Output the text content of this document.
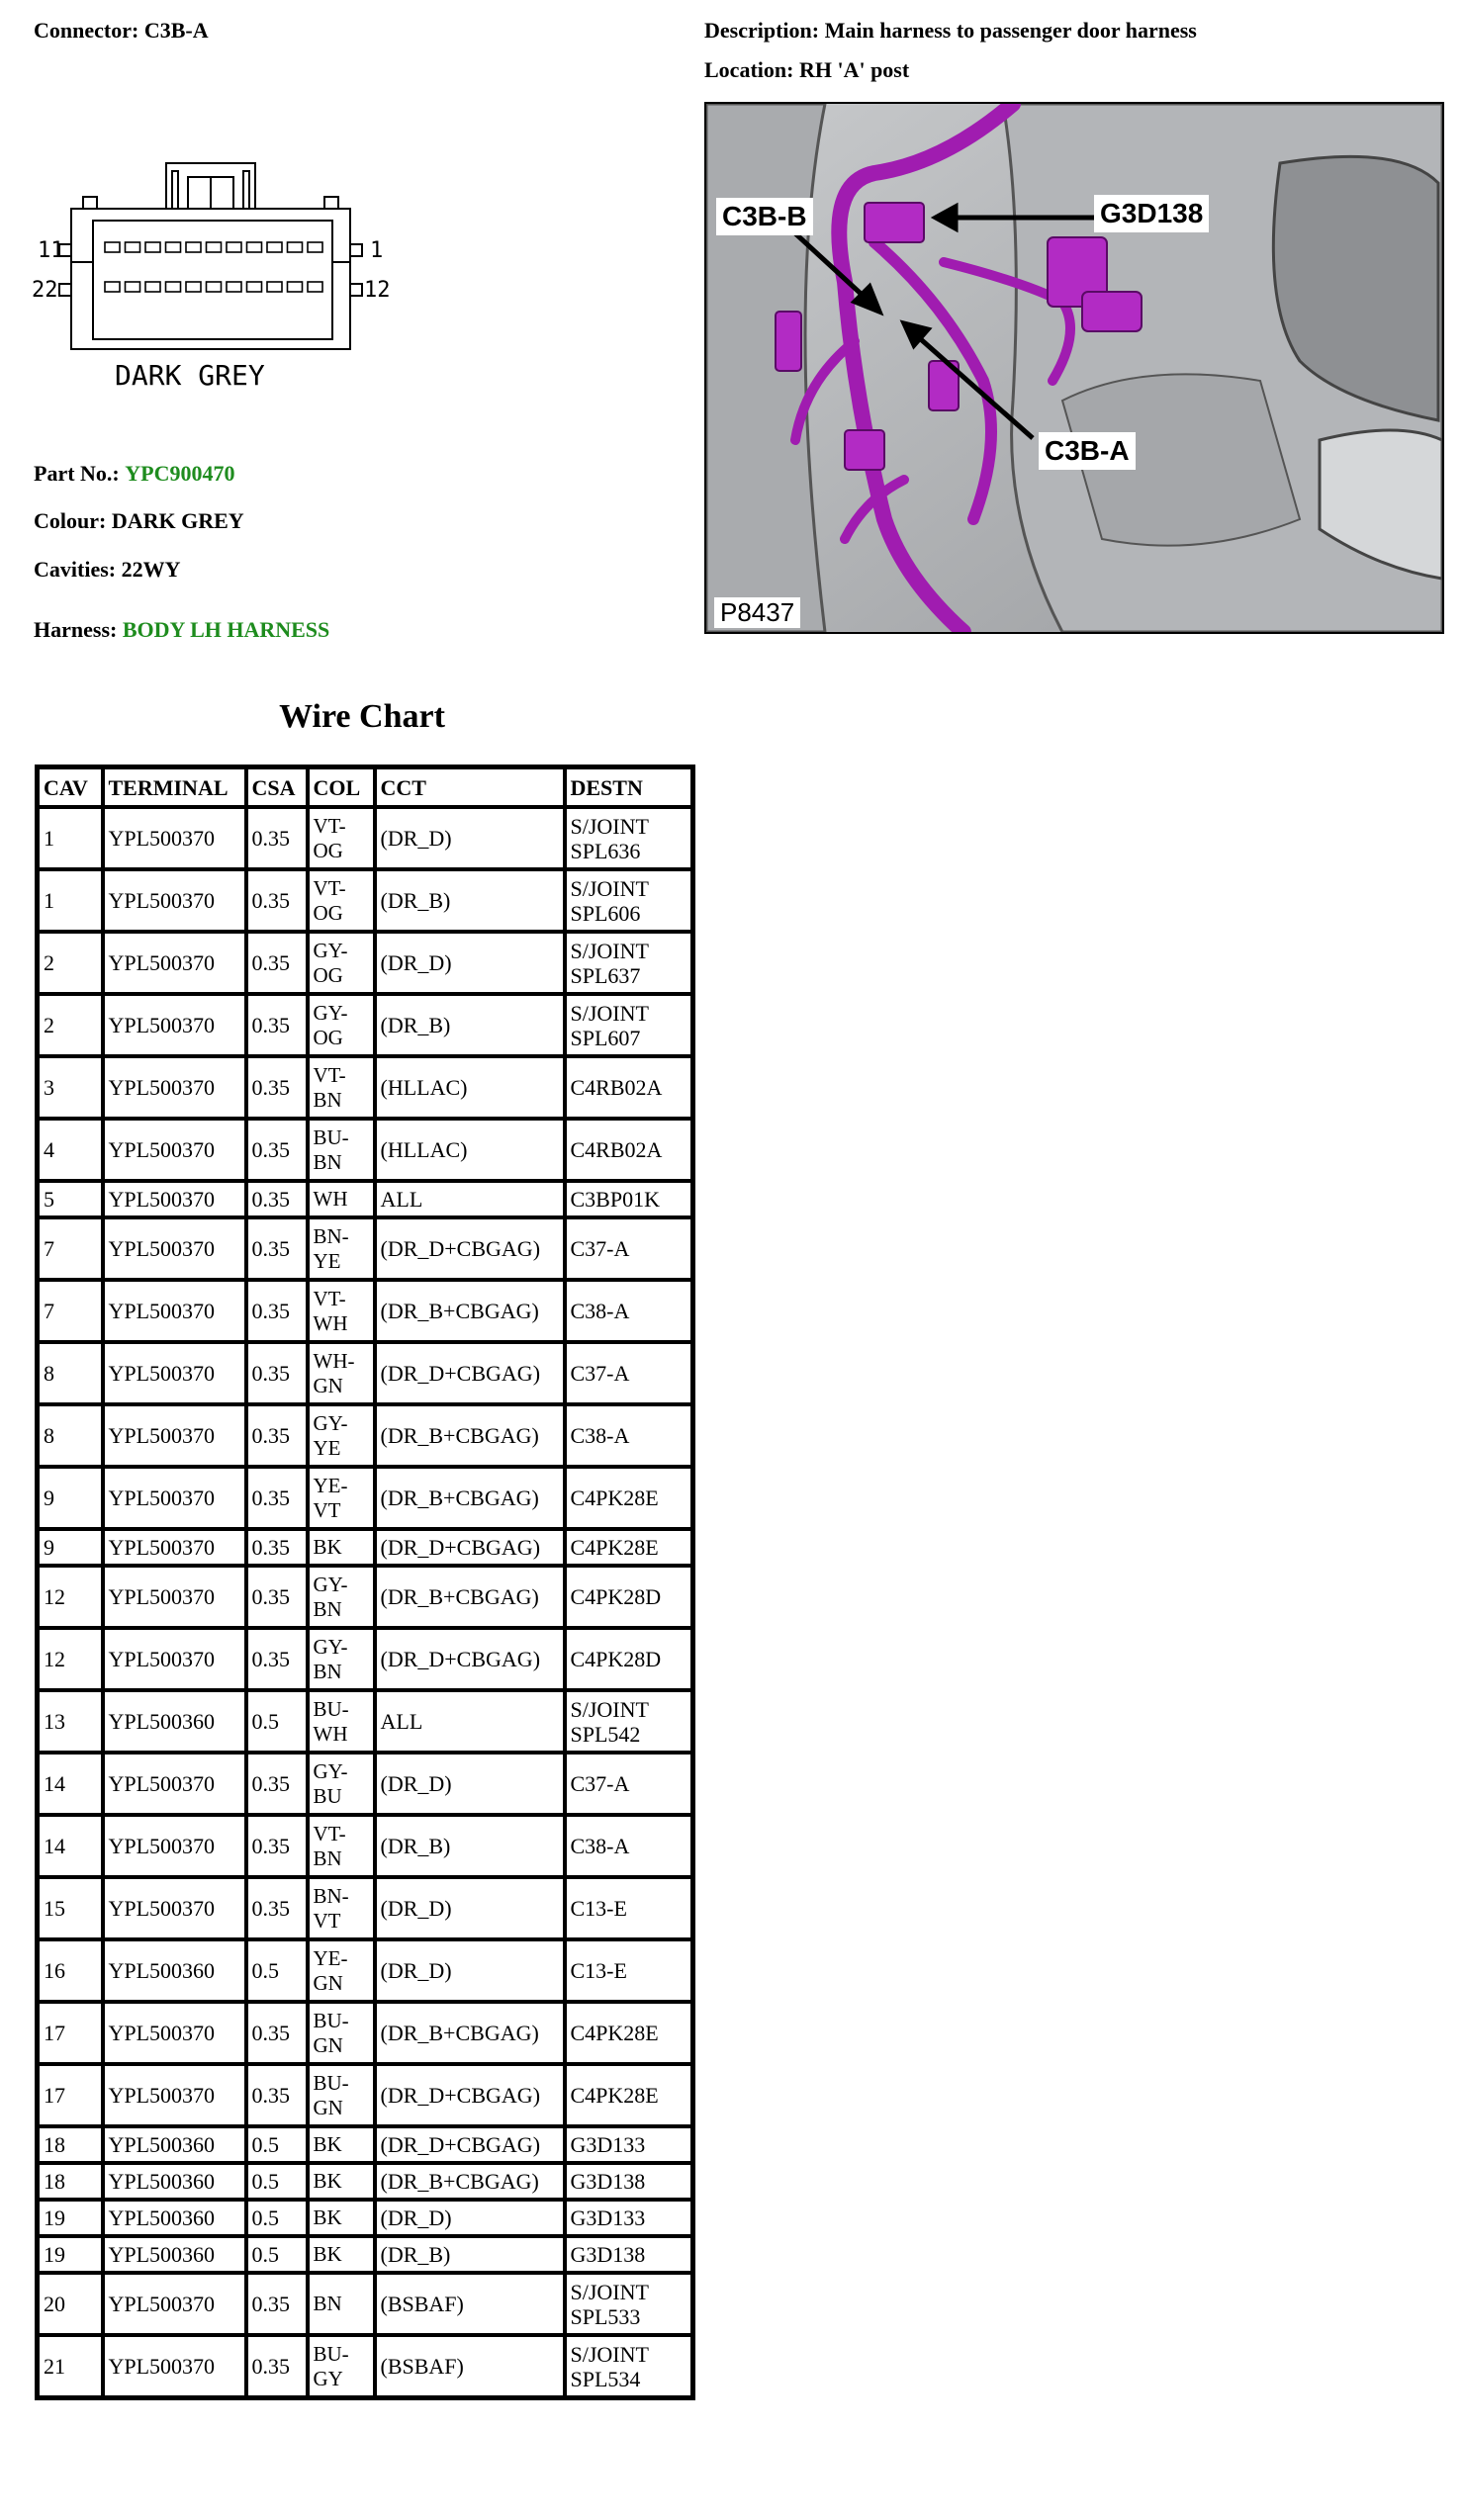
Connector: C3B-A	Description: Main harness to passenger door harness
Location: RH 'A' post
11	1
22	12
DARK GREY
Part No.: YPC900470
Colour: DARK GREY
Cavities: 22WY
Harness: BODY LH HARNESS
C3B-B	G3D138
C3B-A
P8437
Wire Chart
CAV	TERMINAL	CSA	COL	CCT	DESTN
1	YPL500370	0.35	VT-
OG	(DR_D)	S/JOINT
SPL636
1	YPL500370	0.35	VT-
OG	(DR_B)	S/JOINT
SPL606
2	YPL500370	0.35	GY-
OG	(DR_D)	S/JOINT
SPL637
2	YPL500370	0.35	GY-
OG	(DR_B)	S/JOINT
SPL607
3	YPL500370	0.35	VT-
BN	(HLLAC)	C4RB02A
4	YPL500370	0.35	BU-
BN	(HLLAC)	C4RB02A
5	YPL500370	0.35	WH	ALL	C3BP01K
7	YPL500370	0.35	BN-
YE	(DR_D+CBGAG)	C37-A
7	YPL500370	0.35	VT-
WH	(DR_B+CBGAG)	C38-A
8	YPL500370	0.35	WH-
GN	(DR_D+CBGAG)	C37-A
8	YPL500370	0.35	GY-
YE	(DR_B+CBGAG)	C38-A
9	YPL500370	0.35	YE-
VT	(DR_B+CBGAG)	C4PK28E
9	YPL500370	0.35	BK	(DR_D+CBGAG)	C4PK28E
12	YPL500370	0.35	GY-
BN	(DR_B+CBGAG)	C4PK28D
12	YPL500370	0.35	GY-
BN	(DR_D+CBGAG)	C4PK28D
13	YPL500360	0.5	BU-
WH	ALL	S/JOINT
SPL542
14	YPL500370	0.35	GY-
BU	(DR_D)	C37-A
14	YPL500370	0.35	VT-
BN	(DR_B)	C38-A
15	YPL500370	0.35	BN-
VT	(DR_D)	C13-E
16	YPL500360	0.5	YE-
GN	(DR_D)	C13-E
17	YPL500370	0.35	BU-
GN	(DR_B+CBGAG)	C4PK28E
17	YPL500370	0.35	BU-
GN	(DR_D+CBGAG)	C4PK28E
18	YPL500360	0.5	BK	(DR_D+CBGAG)	G3D133
18	YPL500360	0.5	BK	(DR_B+CBGAG)	G3D138
19	YPL500360	0.5	BK	(DR_D)	G3D133
19	YPL500360	0.5	BK	(DR_B)	G3D138
20	YPL500370	0.35	BN	(BSBAF)	S/JOINT
SPL533
21	YPL500370	0.35	BU-
GY	(BSBAF)	S/JOINT
SPL534
